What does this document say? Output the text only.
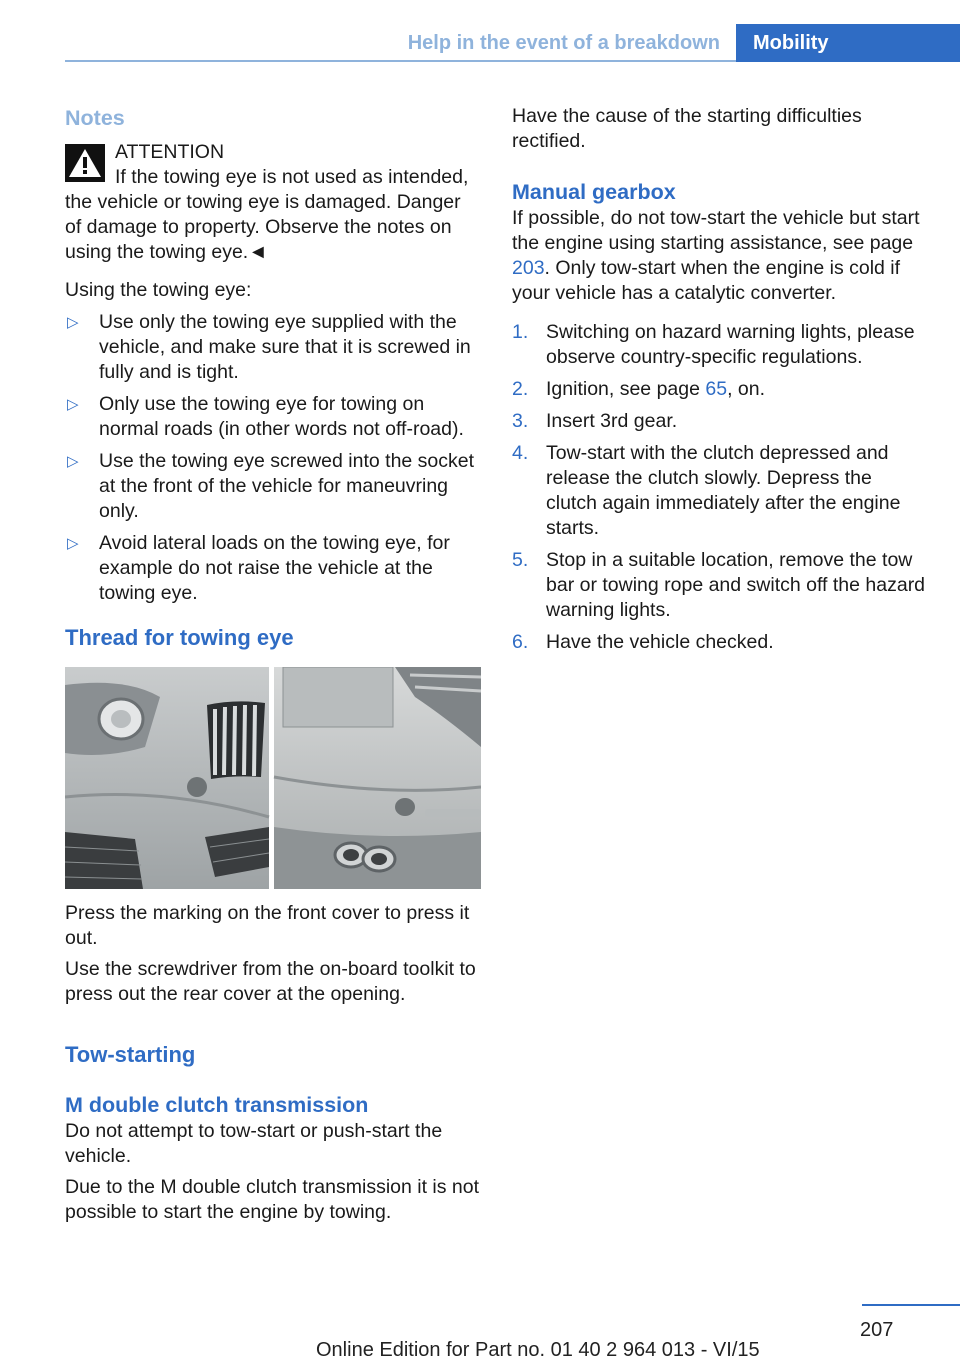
Help in the event of a breakdown	Mobility
Notes

ATTENTION

If the towing eye is not used as intended, the vehicle or towing eye is damaged. Danger of damage to property. Observe the notes on using the towing eye.◄

Using the towing eye:

▷ Use only the towing eye supplied with the vehicle, and make sure that it is screwed in fully and is tight.
▷ Only use the towing eye for towing on normal roads (in other words not off-road).
▷ Use the towing eye screwed into the socket at the front of the vehicle for maneuvring only.
▷ Avoid lateral loads on the towing eye, for example do not raise the vehicle at the towing eye.
Thread for towing eye

Press the marking on the front cover to press it out.

Use the screwdriver from the on-board toolkit to press out the rear cover at the opening.

Tow-starting
M double clutch transmission

Do not attempt to tow-start or push-start the vehicle.

Due to the M double clutch transmission it is not possible to start the engine by towing.

Have the cause of the starting difficulties rectified.

Manual gearbox

If possible, do not tow-start the vehicle but start the engine using starting assistance, see page 203. Only tow-start when the engine is cold if your vehicle has a catalytic converter.

1. Switching on hazard warning lights, please observe country-specific regulations.
2. Ignition, see page 65, on.
3. Insert 3rd gear.
4. Tow-start with the clutch depressed and release the clutch slowly. Depress the clutch again immediately after the engine starts.
5. Stop in a suitable location, remove the tow bar or towing rope and switch off the hazard warning lights.
6. Have the vehicle checked.
207
Online Edition for Part no. 01 40 2 964 013 - VI/15
